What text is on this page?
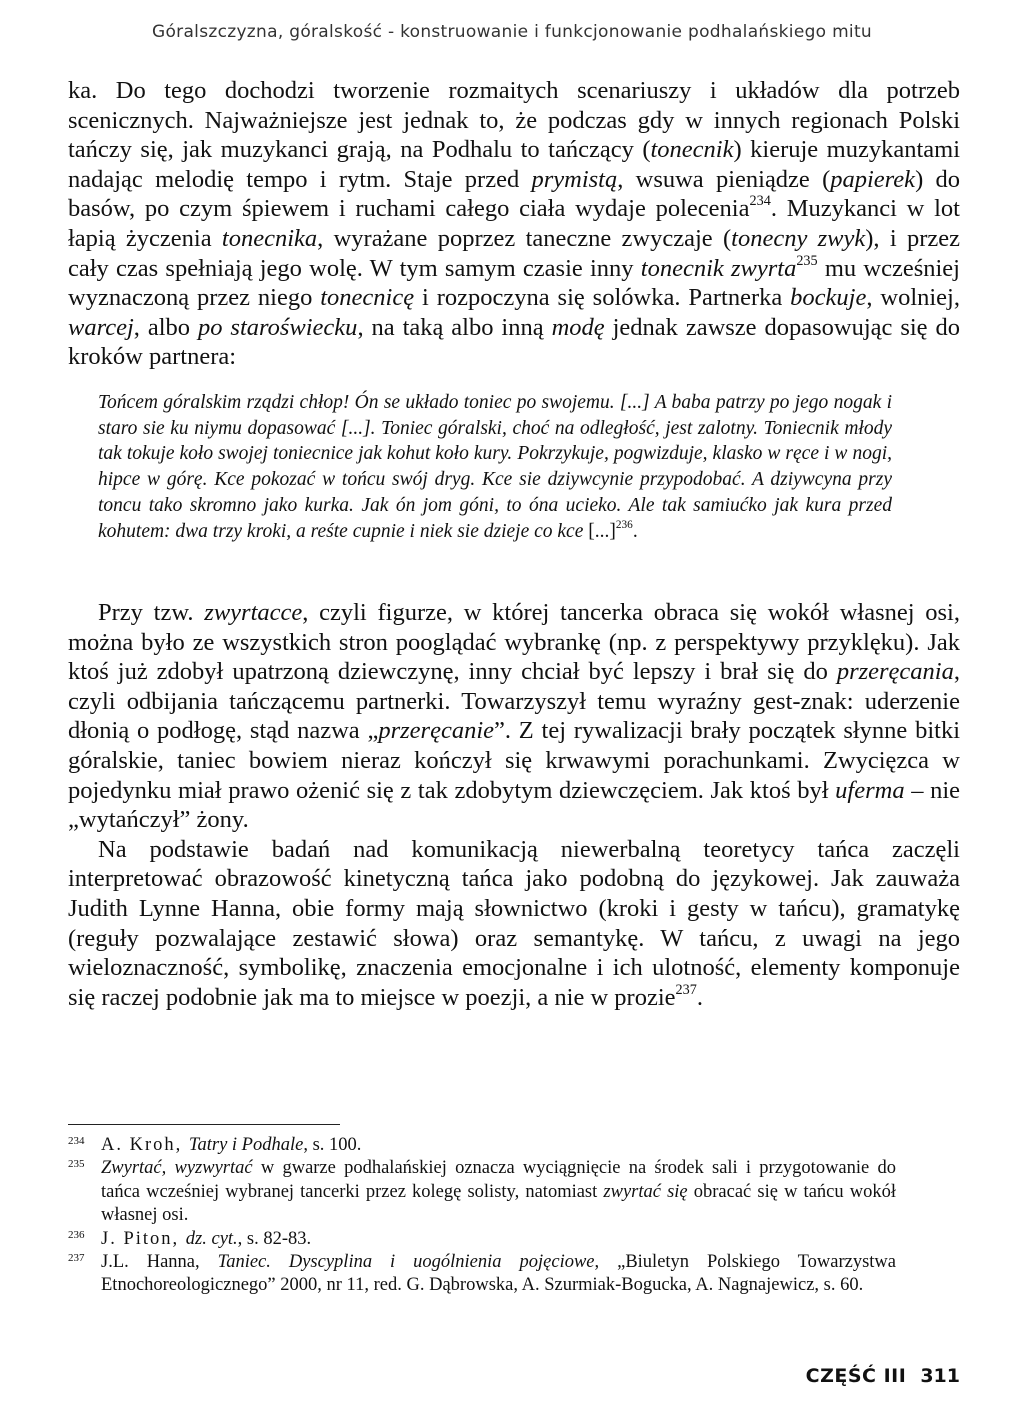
Góralszczyzna, góralskość - konstruowanie i funkcjonowanie podhalańskiego mitu

ka. Do tego dochodzi tworzenie rozmaitych scenariuszy i układów dla potrzeb scenicznych. Najważniejsze jest jednak to, że podczas gdy w innych regionach Polski tańczy się, jak muzykanci grają, na Podhalu to tańczący (tonecnik) kieruje muzykantami nadając melodię tempo i rytm. Staje przed prymistą, wsuwa pieniądze (papierek) do basów, po czym śpiewem i ruchami całego ciała wydaje polecenia$^{234}$. Muzykanci w lot łapią życzenia tonecnika, wyrażane poprzez taneczne zwyczaje (tonecny zwyk), i przez cały czas spełniają jego wolę. W tym samym czasie inny tonecnik zwyrta$^{235}$ mu wcześniej wyznaczoną przez niego tonecnicę i rozpoczyna się solówka. Partnerka bockuje, wolniej, warcej, albo po staroświecku, na taką albo inną modę jednak zawsze dopasowując się do kroków partnera:

Tońcem góralskim rządzi chłop! Ón se układo toniec po swojemu. [...] A baba patrzy po jego nogak i staro sie ku niymu dopasować [...]. Toniec góralski, choć na odległość, jest zalotny. Toniecnik młody tak tokuje koło swojej toniecnice jak kohut koło kury. Pokrzykuje, pogwizduje, klasko w ręce i w nogi, hipce w górę. Kce pokozać w tońcu swój dryg. Kce sie dziywcynie przypodobać. A dziywcyna przy toncu tako skromno jako kurka. Jak ón jom góni, to óna ucieko. Ale tak samiućko jak kura przed kohutem: dwa trzy kroki, a reśte cupnie i niek sie dzieje co kce [...]$^{236}$.

Przy tzw. zwyrtacce, czyli figurze, w której tancerka obraca się wokół własnej osi, można było ze wszystkich stron pooglądać wybrankę (np. z perspektywy przyklęku). Jak ktoś już zdobył upatrzoną dziewczynę, inny chciał być lepszy i brał się do przeręcania, czyli odbijania tańczącemu partnerki. Towarzyszył temu wyraźny gest-znak: uderzenie dłonią o podłogę, stąd nazwa „przeręcanie”. Z tej rywalizacji brały początek słynne bitki góralskie, taniec bowiem nieraz kończył się krwawymi porachunkami. Zwycięzca w pojedynku miał prawo ożenić się z tak zdobytym dziewczęciem. Jak ktoś był uferma – nie „wytańczył” żony.

Na podstawie badań nad komunikacją niewerbalną teoretycy tańca zaczęli interpretować obrazowość kinetyczną tańca jako podobną do językowej. Jak zauważa Judith Lynne Hanna, obie formy mają słownictwo (kroki i gesty w tańcu), gramatykę (reguły pozwalające zestawić słowa) oraz semantykę. W tańcu, z uwagi na jego wieloznaczność, symbolikę, znaczenia emocjonalne i ich ulotność, elementy komponuje się raczej podobnie jak ma to miejsce w poezji, a nie w prozie$^{237}$.

234 A. Kroh, Tatry i Podhale, s. 100.
235 Zwyrtać, wyzwyrtać w gwarze podhalańskiej oznacza wyciągnięcie na środek sali i przygotowanie do tańca wcześniej wybranej tancerki przez kolegę solisty, natomiast zwyrtać się obracać się w tańcu wokół własnej osi.
236 J. Piton, dz. cyt., s. 82-83.
237 J.L. Hanna, Taniec. Dyscyplina i uogólnienia pojęciowe, „Biuletyn Polskiego Towarzystwa Etnochoreologicznego” 2000, nr 11, red. G. Dąbrowska, A. Szurmiak-Bogucka, A. Nagnajewicz, s. 60.
CZĘŚĆ III 311
